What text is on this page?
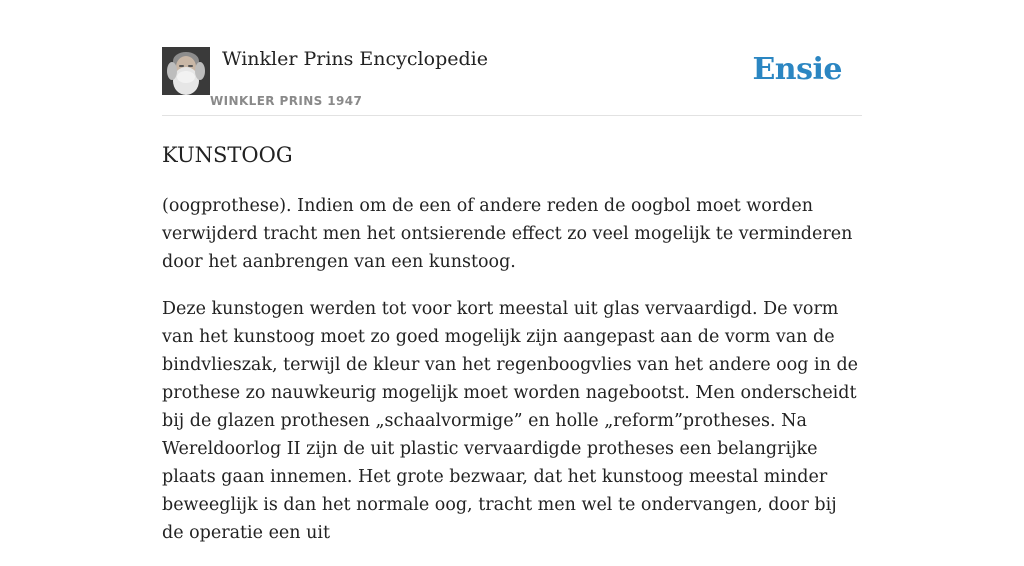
Winkler Prins Encyclopedie
WINKLER PRINS 1947
Ensie
KUNSTOOG

(oogprothese). Indien om de een of andere reden de oogbol moet worden verwijderd tracht men het ontsierende effect zo veel mogelijk te verminderen door het aanbrengen van een kunstoog.

Deze kunstogen werden tot voor kort meestal uit glas vervaardigd. De vorm van het kunstoog moet zo goed mogelijk zijn aangepast aan de vorm van de bindvlieszak, terwijl de kleur van het regenboogvlies van het andere oog in de prothese zo nauwkeurig mogelijk moet worden nagebootst. Men onderscheidt bij de glazen prothesen „schaalvormige” en holle „reform”protheses. Na Wereldoorlog II zijn de uit plastic vervaardigde protheses een belangrijke plaats gaan innemen. Het grote bezwaar, dat het kunstoog meestal minder beweeglijk is dan het normale oog, tracht men wel te ondervangen, door bij de operatie een uit
